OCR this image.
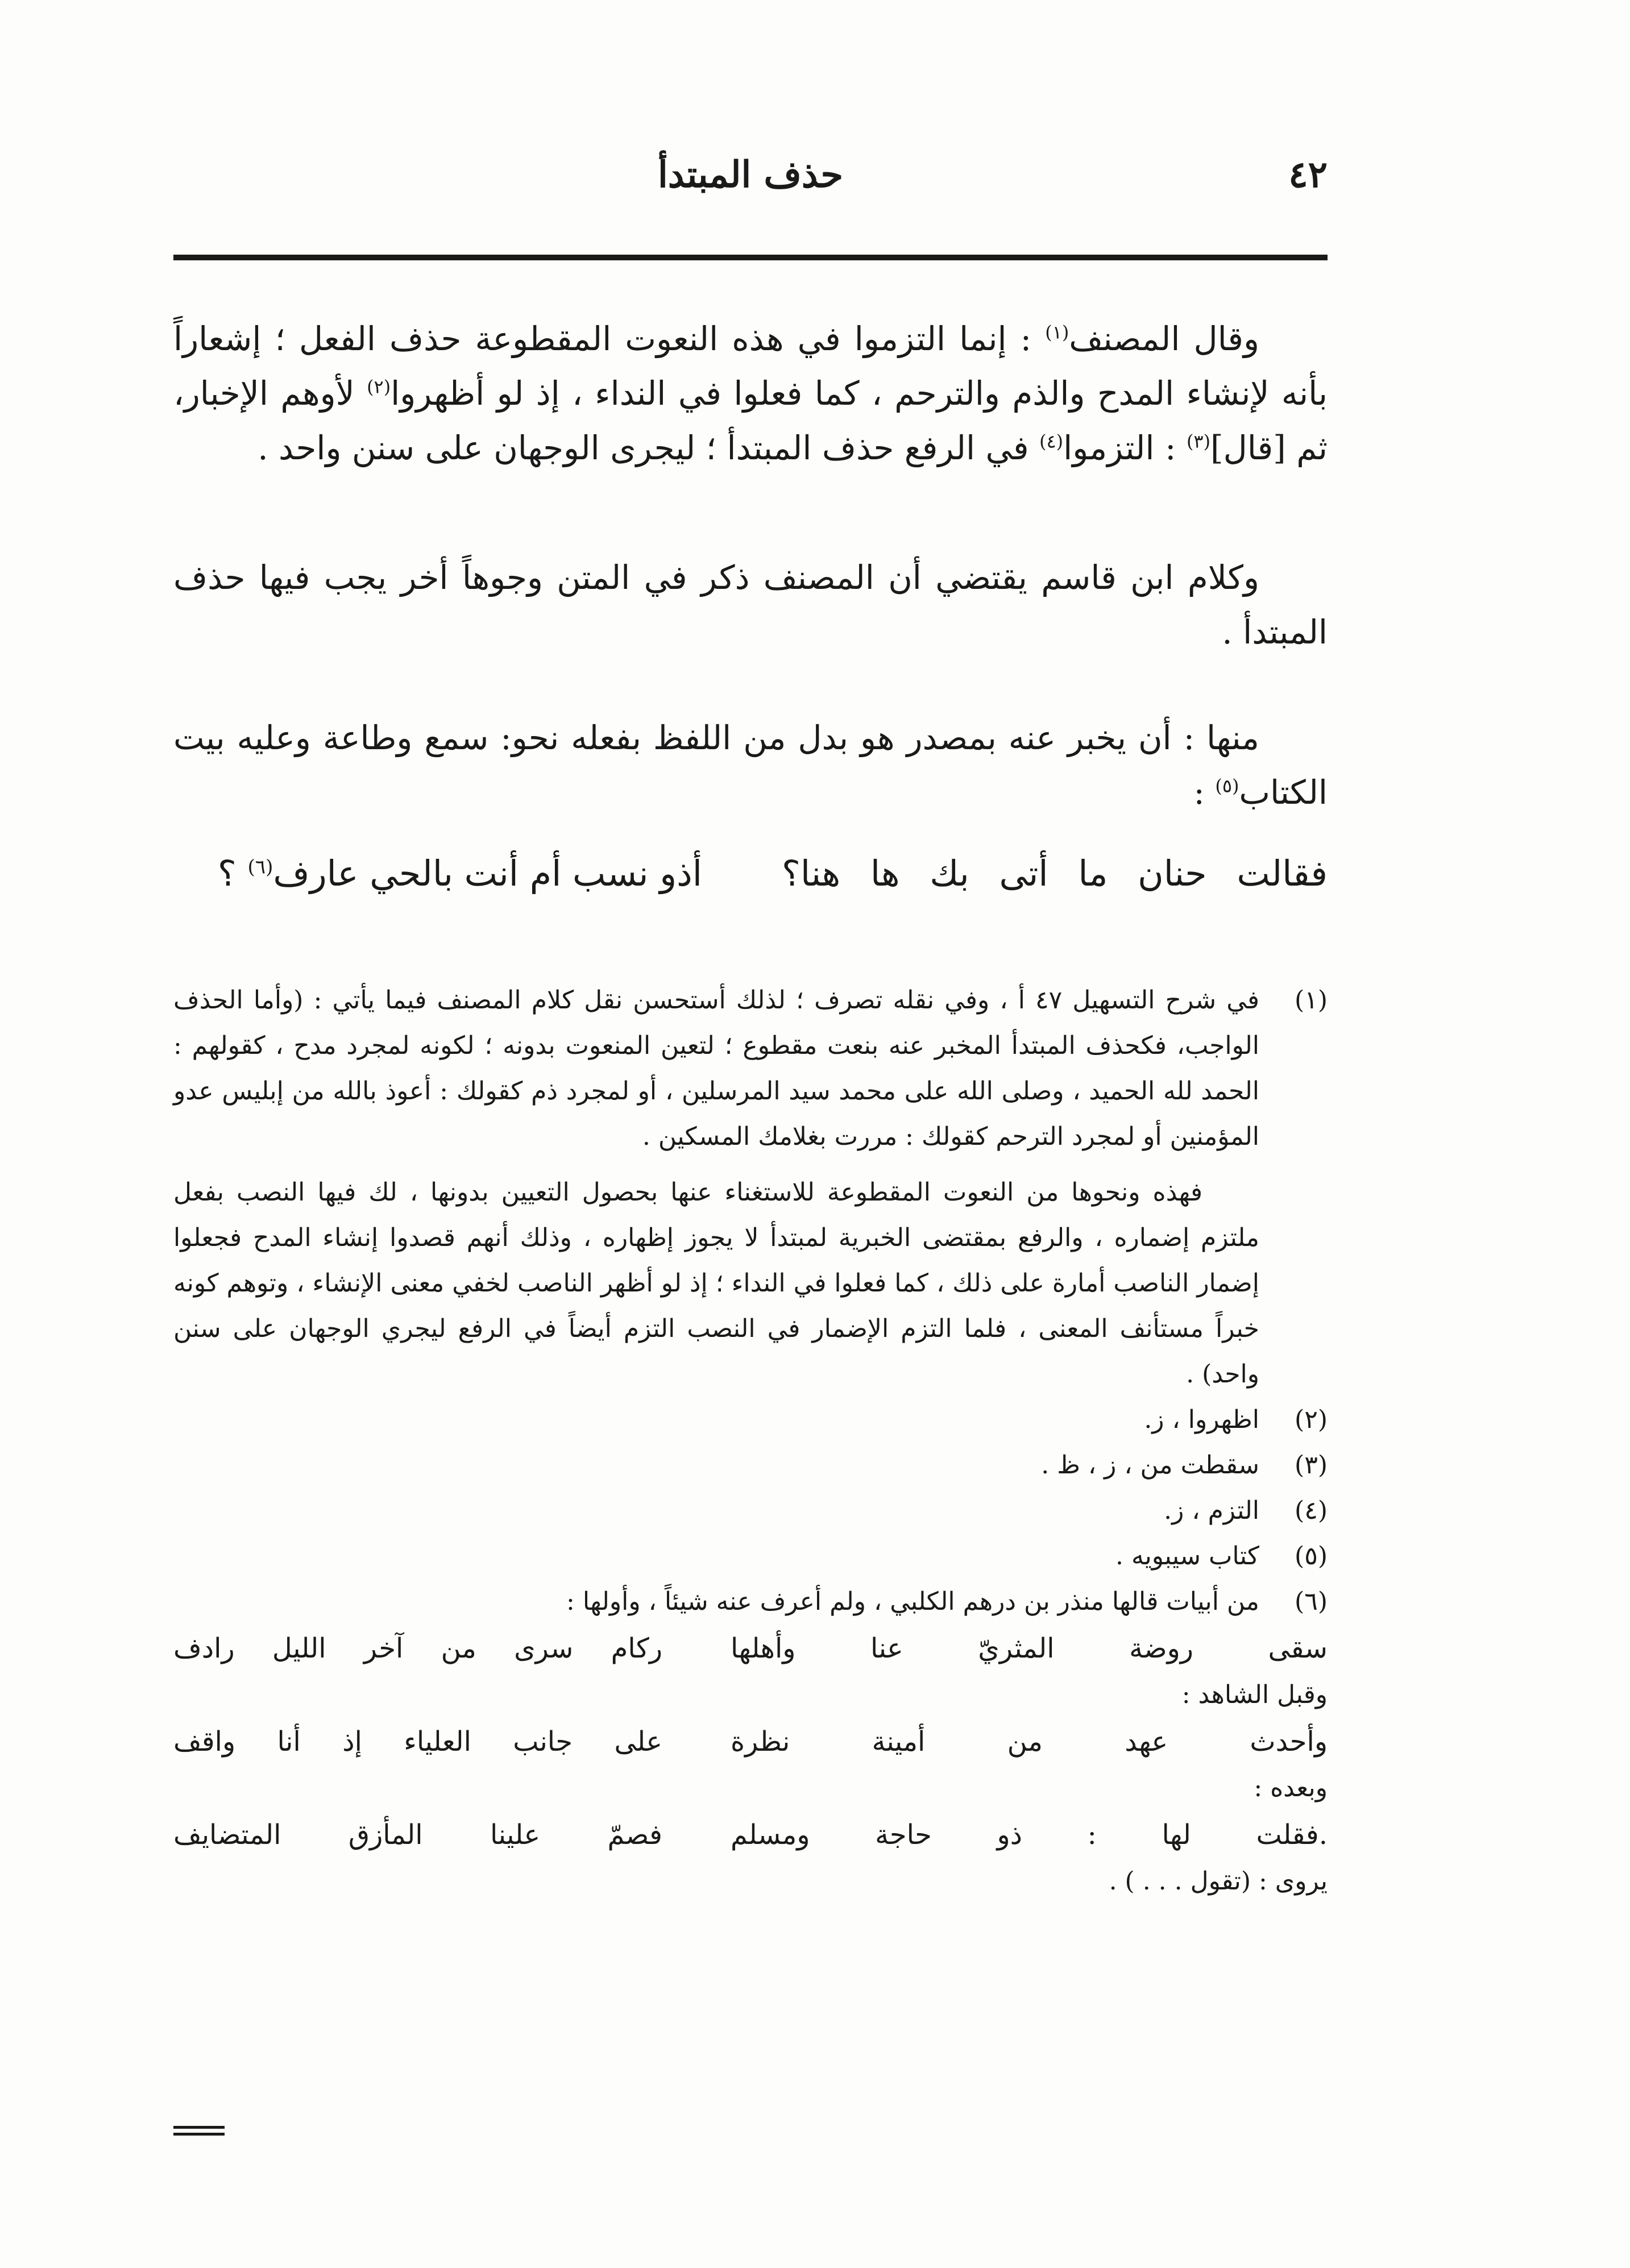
٤٢
حذف المبتدأ

وقال المصنف$^{(١)}$ : إنما التزموا في هذه النعوت المقطوعة حذف الفعل ؛ إشعاراً بأنه لإنشاء المدح والذم والترحم ، كما فعلوا في النداء ، إذ لو أظهروا$^{(٢)}$ لأوهم الإخبار، ثم [قال]$^{(٣)}$ : التزموا$^{(٤)}$ في الرفع حذف المبتدأ ؛ ليجرى الوجهان على سنن واحد .

وكلام ابن قاسم يقتضي أن المصنف ذكر في المتن وجوهاً أخر يجب فيها حذف المبتدأ .

منها : أن يخبر عنه بمصدر هو بدل من اللفظ بفعله نحو: سمع وطاعة وعليه بيت الكتاب$^{(٥)}$ :

فقالت حنان ما أتى بك ها هنا؟
أذو نسب أم أنت بالحي عارف$^{(٦)}$ ؟
(١)

في شرح التسهيل ٤٧ أ ، وفي نقله تصرف ؛ لذلك أستحسن نقل كلام المصنف فيما يأتي : (وأما الحذف الواجب، فكحذف المبتدأ المخبر عنه بنعت مقطوع ؛ لتعين المنعوت بدونه ؛ لكونه لمجرد مدح ، كقولهم : الحمد لله الحميد ، وصلى الله على محمد سيد المرسلين ، أو لمجرد ذم كقولك : أعوذ بالله من إبليس عدو المؤمنين أو لمجرد الترحم كقولك : مررت بغلامك المسكين .

فهذه ونحوها من النعوت المقطوعة للاستغناء عنها بحصول التعيين بدونها ، لك فيها النصب بفعل ملتزم إضماره ، والرفع بمقتضى الخبرية لمبتدأ لا يجوز إظهاره ، وذلك أنهم قصدوا إنشاء المدح فجعلوا إضمار الناصب أمارة على ذلك ، كما فعلوا في النداء ؛ إذ لو أظهر الناصب لخفي معنى الإنشاء ، وتوهم كونه خبراً مستأنف المعنى ، فلما التزم الإضمار في النصب التزم أيضاً في الرفع ليجري الوجهان على سنن واحد) .

(٢)

اظهروا ، ز.

(٣)

سقطت من ، ز ، ظ .

(٤)

التزم ، ز.

(٥)

كتاب سيبويه .

(٦)

من أبيات قالها منذر بن درهم الكلبي ، ولم أعرف عنه شيئاً ، وأولها :

سقى روضة المثريّ عنا وأهلها
ركام سرى من آخر الليل رادف

وقبل الشاهد :

وأحدث عهد من أمينة نظرة
على جانب العلياء إذ أنا واقف

وبعده :

.فقلت لها : ذو حاجة ومسلم
فصمّ علينا المأزق المتضايف

يروى : (تقول . . . ) .
